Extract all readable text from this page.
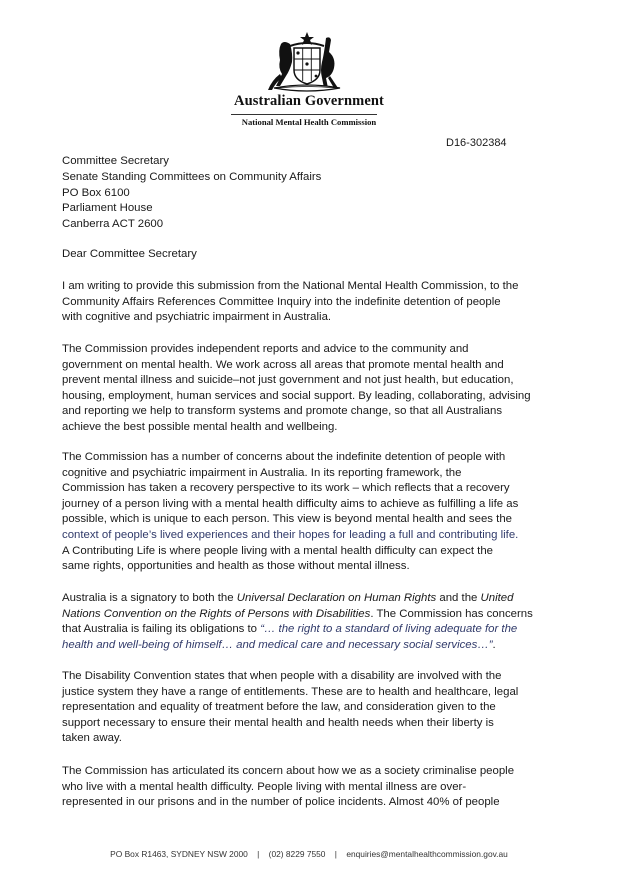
Australian Government
National Mental Health Commission
D16-302384
Committee Secretary
Senate Standing Committees on Community Affairs
PO Box 6100
Parliament House
Canberra ACT 2600
Dear Committee Secretary
I am writing to provide this submission from the National Mental Health Commission, to the
Community Affairs References Committee Inquiry into the indefinite detention of people
with cognitive and psychiatric impairment in Australia.
The Commission provides independent reports and advice to the community and
government on mental health. We work across all areas that promote mental health and
prevent mental illness and suicide–not just government and not just health, but education,
housing, employment, human services and social support. By leading, collaborating, advising
and reporting we help to transform systems and promote change, so that all Australians
achieve the best possible mental health and wellbeing.
The Commission has a number of concerns about the indefinite detention of people with
cognitive and psychiatric impairment in Australia. In its reporting framework, the
Commission has taken a recovery perspective to its work – which reflects that a recovery
journey of a person living with a mental health difficulty aims to achieve as fulfilling a life as
possible, which is unique to each person. This view is beyond mental health and sees the
context of people’s lived experiences and their hopes for leading a full and contributing life.
A Contributing Life is where people living with a mental health difficulty can expect the
same rights, opportunities and health as those without mental illness.
Australia is a signatory to both the Universal Declaration on Human Rights and the United
Nations Convention on the Rights of Persons with Disabilities. The Commission has concerns
that Australia is failing its obligations to “… the right to a standard of living adequate for the
health and well-being of himself… and medical care and necessary social services…”.
The Disability Convention states that when people with a disability are involved with the
justice system they have a range of entitlements. These are to health and healthcare, legal
representation and equality of treatment before the law, and consideration given to the
support necessary to ensure their mental health and health needs when their liberty is
taken away.
The Commission has articulated its concern about how we as a society criminalise people
who live with a mental health difficulty. People living with mental illness are over-
represented in our prisons and in the number of police incidents. Almost 40% of people
PO Box R1463, SYDNEY NSW 2000 | (02) 8229 7550 | enquiries@mentalhealthcommission.gov.au
